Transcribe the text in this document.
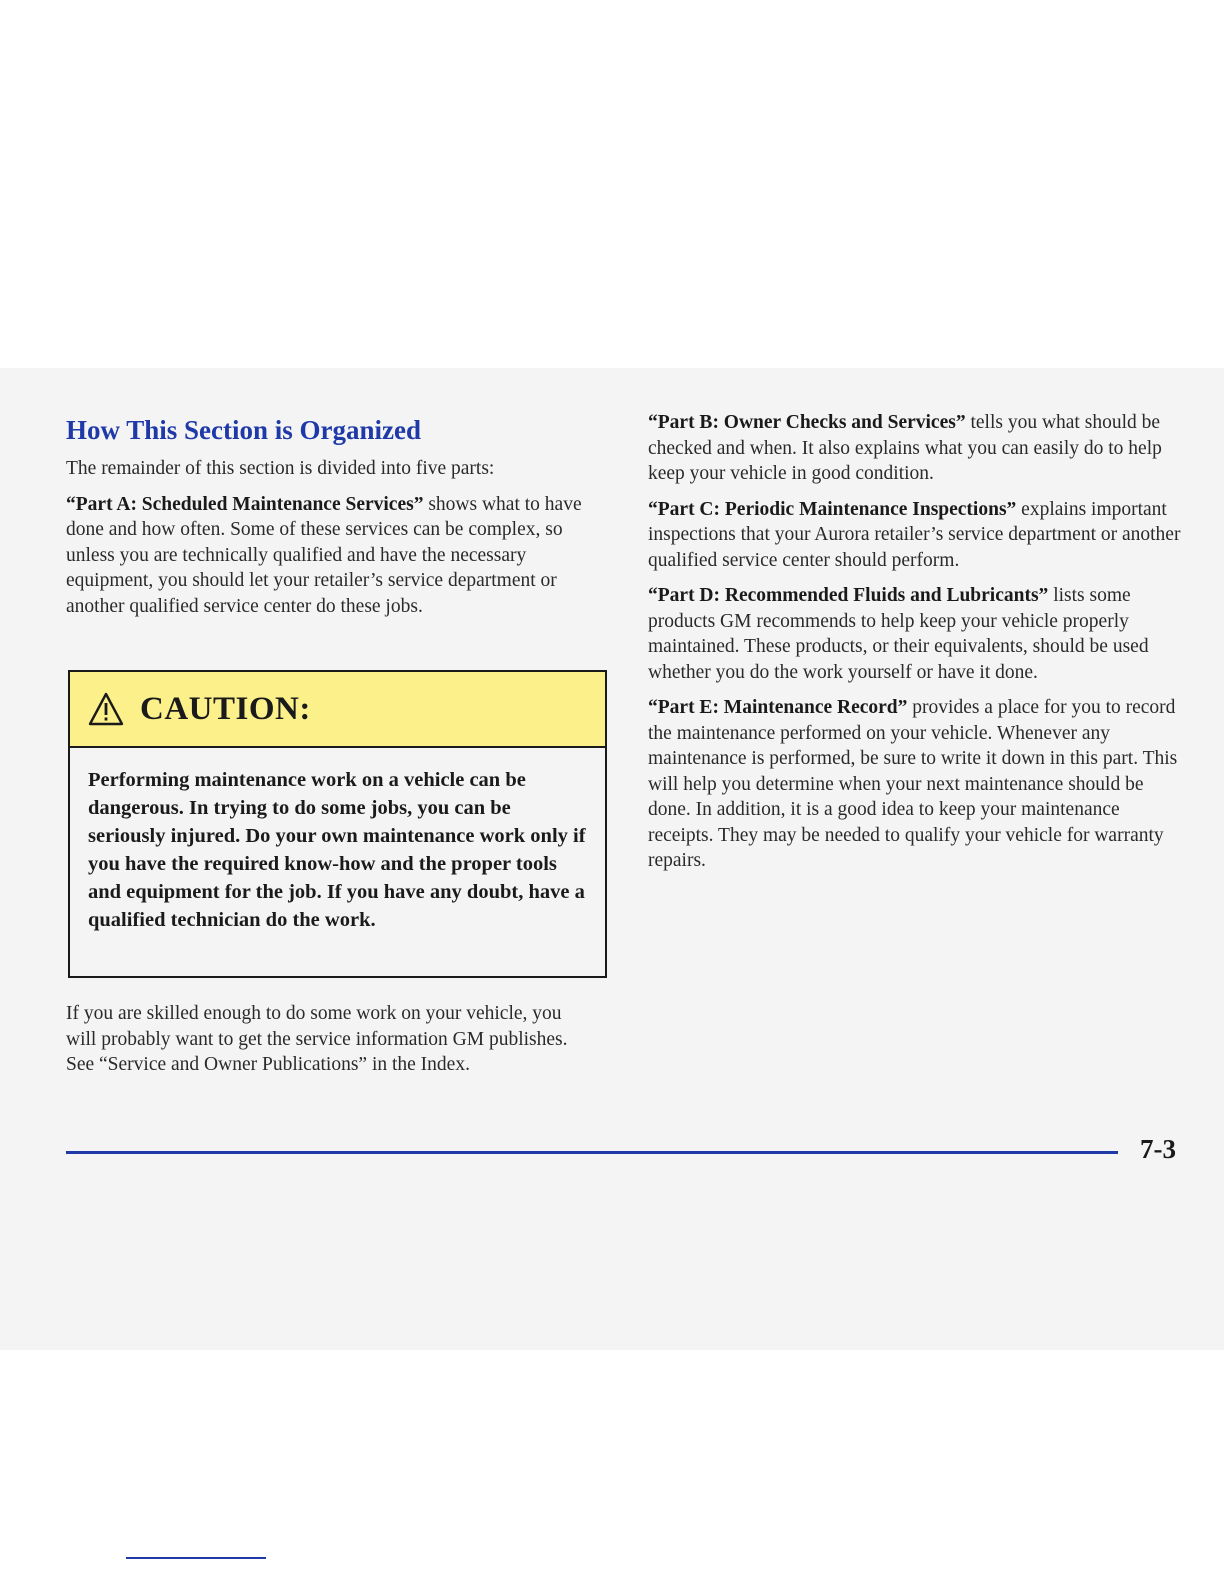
How This Section is Organized

The remainder of this section is divided into five parts:

“Part A: Scheduled Maintenance Services” shows what to have done and how often. Some of these services can be complex, so unless you are technically qualified and have the necessary equipment, you should let your retailer’s service department or another qualified service center do these jobs.

CAUTION:
Performing maintenance work on a vehicle can be dangerous. In trying to do some jobs, you can be seriously injured. Do your own maintenance work only if you have the required know-how and the proper tools and equipment for the job. If you have any doubt, have a qualified technician do the work.

If you are skilled enough to do some work on your vehicle, you will probably want to get the service information GM publishes. See “Service and Owner Publications” in the Index.

“Part B: Owner Checks and Services” tells you what should be checked and when. It also explains what you can easily do to help keep your vehicle in good condition.

“Part C: Periodic Maintenance Inspections” explains important inspections that your Aurora retailer’s service department or another qualified service center should perform.

“Part D: Recommended Fluids and Lubricants” lists some products GM recommends to help keep your vehicle properly maintained. These products, or their equivalents, should be used whether you do the work yourself or have it done.

“Part E: Maintenance Record” provides a place for you to record the maintenance performed on your vehicle. Whenever any maintenance is performed, be sure to write it down in this part. This will help you determine when your next maintenance should be done. In addition, it is a good idea to keep your maintenance receipts. They may be needed to qualify your vehicle for warranty repairs.

7-3
